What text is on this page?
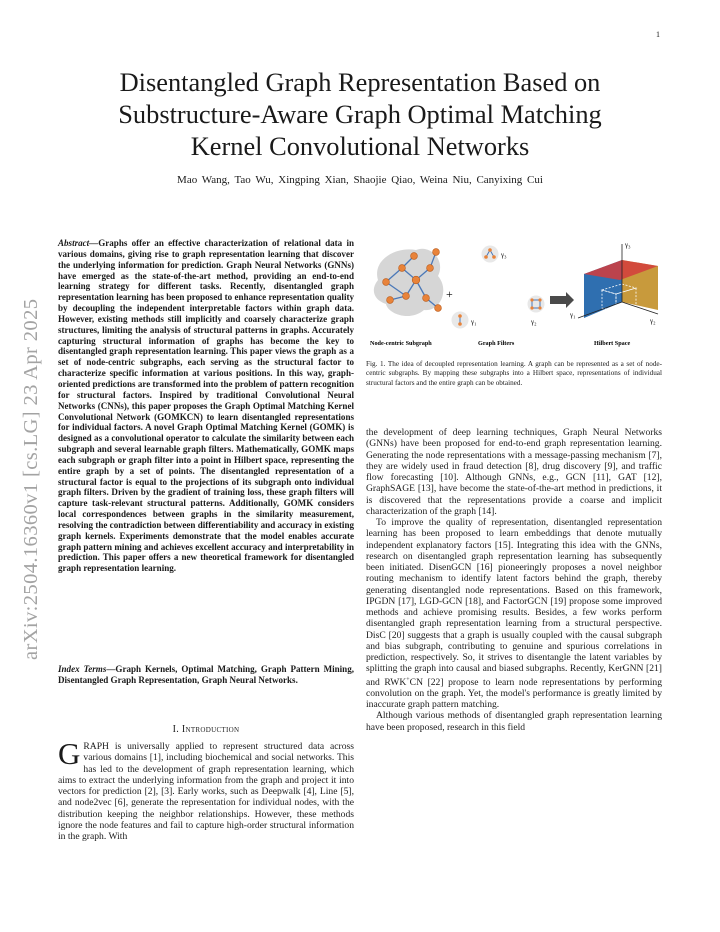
1
arXiv:2504.16360v1 [cs.LG] 23 Apr 2025
Disentangled Graph Representation Based on Substructure-Aware Graph Optimal Matching Kernel Convolutional Networks
Mao Wang, Tao Wu, Xingping Xian, Shaojie Qiao, Weina Niu, Canyixing Cui
Abstract—Graphs offer an effective characterization of relational data in various domains, giving rise to graph representation learning that discover the underlying information for prediction. Graph Neural Networks (GNNs) have emerged as the state-of-the-art method, providing an end-to-end learning strategy for different tasks. Recently, disentangled graph representation learning has been proposed to enhance representation quality by decoupling the independent interpretable factors within graph data. However, existing methods still implicitly and coarsely characterize graph structures, limiting the analysis of structural patterns in graphs. Accurately capturing structural information of graphs has become the key to disentangled graph representation learning. This paper views the graph as a set of node-centric subgraphs, each serving as the structural factor to characterize specific information at various positions. In this way, graph-oriented predictions are transformed into the problem of pattern recognition for structural factors. Inspired by traditional Convolutional Neural Networks (CNNs), this paper proposes the Graph Optimal Matching Kernel Convolutional Network (GOMKCN) to learn disentangled representations for individual factors. A novel Graph Optimal Matching Kernel (GOMK) is designed as a convolutional operator to calculate the similarity between each subgraph and several learnable graph filters. Mathematically, GOMK maps each subgraph or graph filter into a point in Hilbert space, representing the entire graph by a set of points. The disentangled representation of a structural factor is equal to the projections of its subgraph onto individual graph filters. Driven by the gradient of training loss, these graph filters will capture task-relevant structural patterns. Additionally, GOMK considers local correspondences between graphs in the similarity measurement, resolving the contradiction between differentiability and accuracy in existing graph kernels. Experiments demonstrate that the model enables accurate graph pattern mining and achieves excellent accuracy and interpretability in prediction. This paper offers a new theoretical framework for disentangled graph representation learning.
Index Terms—Graph Kernels, Optimal Matching, Graph Pattern Mining, Disentangled Graph Representation, Graph Neural Networks.
I. Introduction

GRAPH is universally applied to represent structured data across various domains [1], including biochemical and social networks. This has led to the development of graph representation learning, which aims to extract the underlying information from the graph and project it into vectors for prediction [2], [3]. Early works, such as Deepwalk [4], Line [5], and node2vec [6], generate the representation for individual nodes, with the distribution keeping the neighbor relationships. However, these methods ignore the node features and fail to capture high-order structural information in the graph. With

Node-centric Subgraph
+
γ₃
γ₁	γ₂
Graph Filters
γ₃
γ₁
γ₂
Hilbert Space
Fig. 1. The idea of decoupled representation learning. A graph can be represented as a set of node-centric subgraphs. By mapping these subgraphs into a Hilbert space, representations of individual structural factors and the entire graph can be obtained.

the development of deep learning techniques, Graph Neural Networks (GNNs) have been proposed for end-to-end graph representation learning. Generating the node representations with a message-passing mechanism [7], they are widely used in fraud detection [8], drug discovery [9], and traffic flow forecasting [10]. Although GNNs, e.g., GCN [11], GAT [12], GraphSAGE [13], have become the state-of-the-art method in predictions, it is discovered that the representations provide a coarse and implicit characterization of the graph [14].

To improve the quality of representation, disentangled representation learning has been proposed to learn embeddings that denote mutually independent explanatory factors [15]. Integrating this idea with the GNNs, research on disentangled graph representation learning has subsequently been initiated. DisenGCN [16] pioneeringly proposes a novel neighbor routing mechanism to identify latent factors behind the graph, thereby generating disentangled node representations. Based on this framework, IPGDN [17], LGD-GCN [18], and FactorGCN [19] propose some improved methods and achieve promising results. Besides, a few works perform disentangled graph representation learning from a structural perspective. DisC [20] suggests that a graph is usually coupled with the causal subgraph and bias subgraph, contributing to genuine and spurious correlations in prediction, respectively. So, it strives to disentangle the latent variables by splitting the graph into causal and biased subgraphs. Recently, KerGNN [21] and RWK+CN [22] propose to learn node representations by performing convolution on the graph. Yet, the model's performance is greatly limited by inaccurate graph pattern matching.

Although various methods of disentangled graph representation learning have been proposed, research in this field
